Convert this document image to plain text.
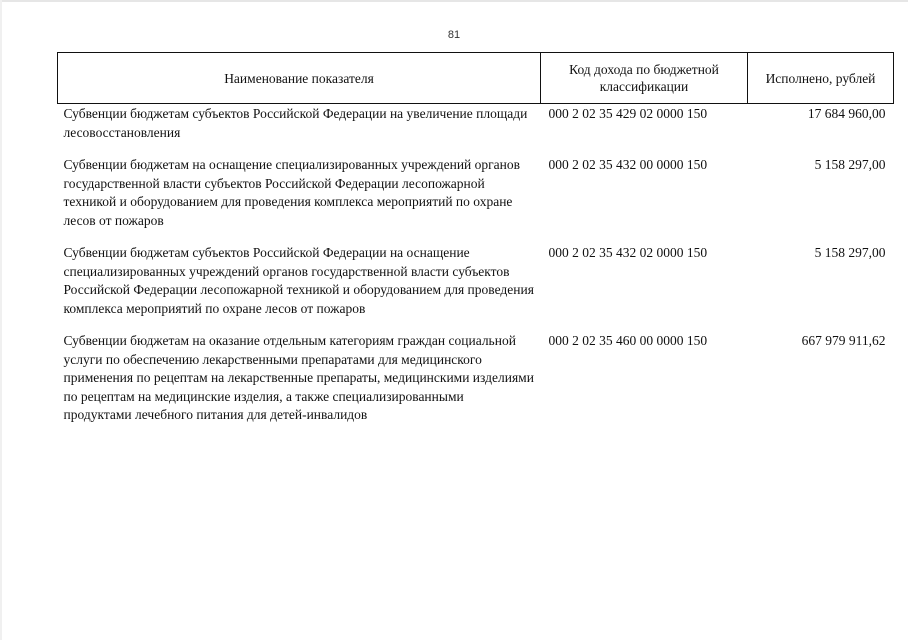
81
Наименование показателя	Код дохода по бюджетной классификации	Исполнено, рублей
Субвенции бюджетам субъектов Российской Федерации на увеличение площади лесовосстановления	000 2 02 35 429 02 0000 150	17 684 960,00
Субвенции бюджетам на оснащение специализированных учреждений органов государственной власти субъектов Российской Федерации лесопожарной техникой и оборудованием для проведения комплекса мероприятий по охране лесов от пожаров	000 2 02 35 432 00 0000 150	5 158 297,00
Субвенции бюджетам субъектов Российской Федерации на оснащение специализированных учреждений органов государственной власти субъектов Российской Федерации лесопожарной техникой и оборудованием для проведения комплекса мероприятий по охране лесов от пожаров	000 2 02 35 432 02 0000 150	5 158 297,00
Субвенции бюджетам на оказание отдельным категориям граждан социальной услуги по обеспечению лекарственными препаратами для медицинского применения по рецептам на лекарственные препараты, медицинскими изделиями по рецептам на медицинские изделия, а также специализированными продуктами лечебного питания для детей-инвалидов	000 2 02 35 460 00 0000 150	667 979 911,62
